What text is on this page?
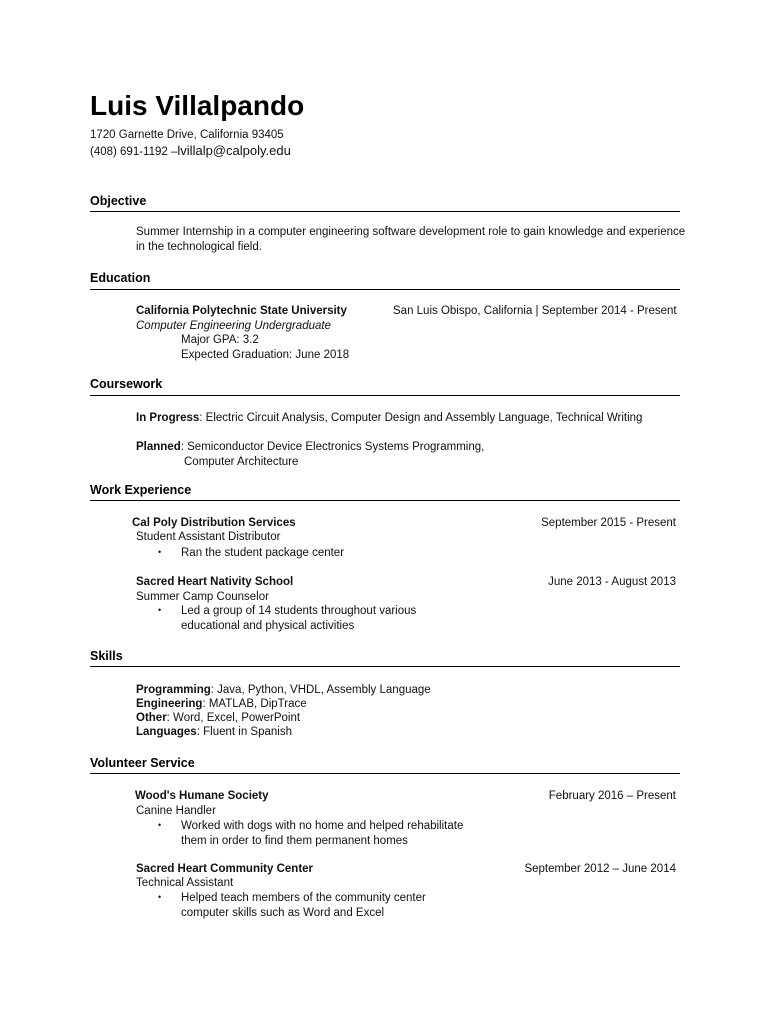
Luis Villalpando
1720 Garnette Drive, California 93405
(408) 691-1192 –lvillalp@calpoly.edu
Objective
Summer Internship in a computer engineering software development role to gain knowledge and experience
in the technological field.
Education
California Polytechnic State University	San Luis Obispo, California | September 2014 - Present
Computer Engineering Undergraduate
Major GPA: 3.2
Expected Graduation: June 2018
Coursework
In Progress: Electric Circuit Analysis, Computer Design and Assembly Language, Technical Writing
Planned: Semiconductor Device Electronics Systems Programming,
Computer Architecture
Work Experience
Cal Poly Distribution Services	September 2015 - Present
Student Assistant Distributor
• Ran the student package center
Sacred Heart Nativity School	June 2013 - August 2013
Summer Camp Counselor
• Led a group of 14 students throughout various
educational and physical activities
Skills
Programming: Java, Python, VHDL, Assembly Language
Engineering: MATLAB, DipTrace
Other: Word, Excel, PowerPoint
Languages: Fluent in Spanish
Volunteer Service
Wood's Humane Society	February 2016 – Present
Canine Handler
• Worked with dogs with no home and helped rehabilitate
them in order to find them permanent homes
Sacred Heart Community Center	September 2012 – June 2014
Technical Assistant
• Helped teach members of the community center
computer skills such as Word and Excel
